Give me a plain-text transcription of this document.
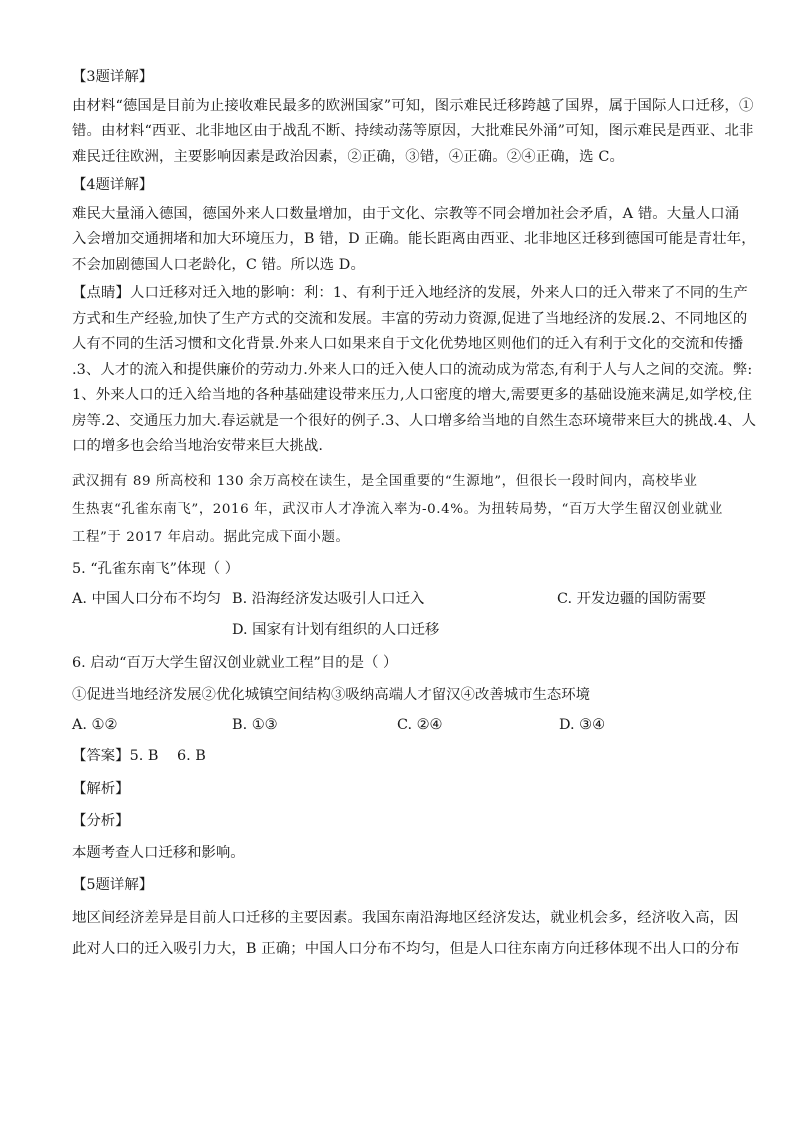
【3题详解】
由材料“德国是目前为止接收难民最多的欧洲国家”可知，图示难民迁移跨越了国界，属于国际人口迁移，①
错。由材料“西亚、北非地区由于战乱不断、持续动荡等原因，大批难民外涌”可知，图示难民是西亚、北非
难民迁往欧洲，主要影响因素是政治因素，②正确，③错，④正确。②④正确，选 C。
【4题详解】
难民大量涌入德国，德国外来人口数量增加，由于文化、宗教等不同会增加社会矛盾，A 错。大量人口涌
入会增加交通拥堵和加大环境压力，B 错，D 正确。能长距离由西亚、北非地区迁移到德国可能是青壮年，
不会加剧德国人口老龄化，C 错。所以选 D。
【点睛】人口迁移对迁入地的影响：利：1、有利于迁入地经济的发展，外来人口的迁入带来了不同的生产
方式和生产经验,加快了生产方式的交流和发展。丰富的劳动力资源,促进了当地经济的发展.2、不同地区的
人有不同的生活习惯和文化背景.外来人口如果来自于文化优势地区则他们的迁入有利于文化的交流和传播
.3、人才的流入和提供廉价的劳动力.外来人口的迁入使人口的流动成为常态,有利于人与人之间的交流。弊:
1、外来人口的迁入给当地的各种基础建设带来压力,人口密度的增大,需要更多的基础设施来满足,如学校,住
房等.2、交通压力加大.春运就是一个很好的例子.3、人口增多给当地的自然生态环境带来巨大的挑战.4、人
口的增多也会给当地治安带来巨大挑战.
武汉拥有 89 所高校和 130 余万高校在读生，是全国重要的“生源地”，但很长一段时间内，高校毕业
生热衷“孔雀东南飞”，2016 年，武汉市人才净流入率为-0.4%。为扭转局势，“百万大学生留汉创业就业
工程”于 2017 年启动。据此完成下面小题。
5. “孔雀东南飞”体现（ ）
A. 中国人口分布不均匀 B. 沿海经济发达吸引人口迁入	C. 开发边疆的国防需要
D. 国家有计划有组织的人口迁移
6. 启动“百万大学生留汉创业就业工程”目的是（ ）
①促进当地经济发展②优化城镇空间结构③吸纳高端人才留汉④改善城市生态环境
A. ①②	B. ①③	C. ②④	D. ③④
【答案】5. B 6. B
【解析】
【分析】
本题考查人口迁移和影响。
【5题详解】
地区间经济差异是目前人口迁移的主要因素。我国东南沿海地区经济发达，就业机会多，经济收入高，因
此对人口的迁入吸引力大，B 正确；中国人口分布不均匀，但是人口往东南方向迁移体现不出人口的分布
